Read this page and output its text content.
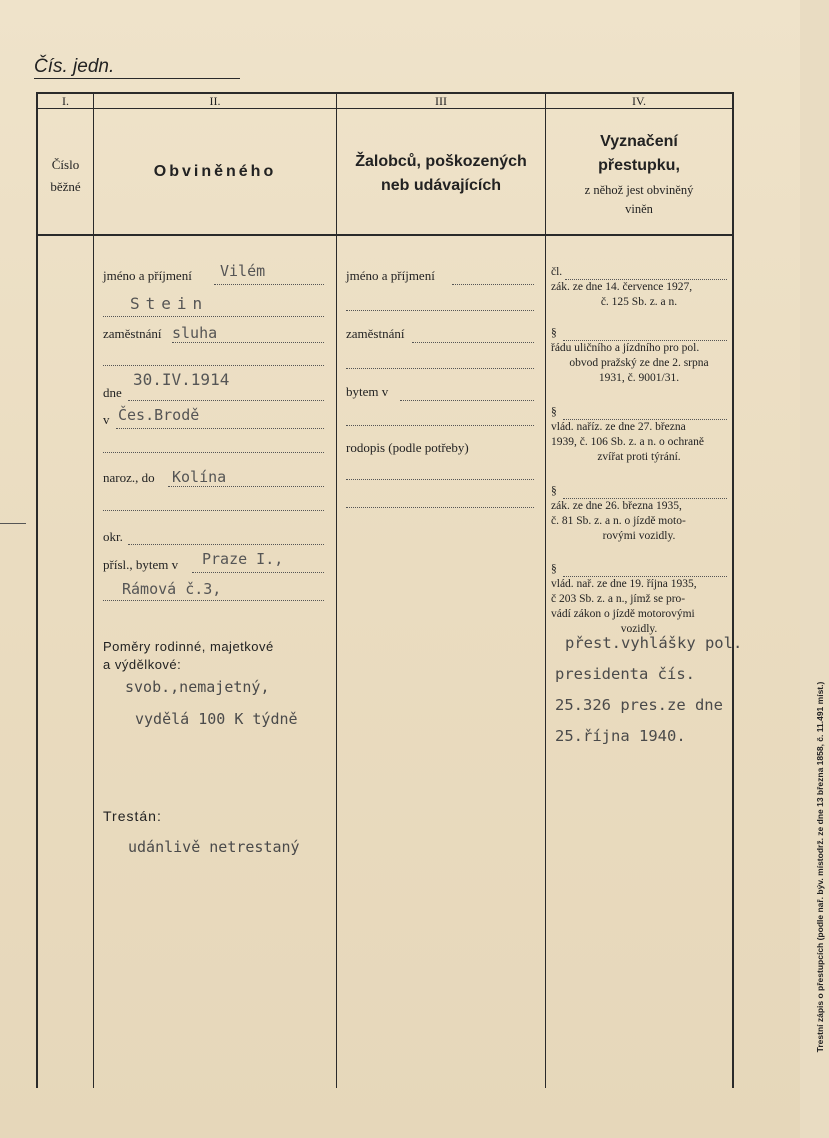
Čís. jedn.
I.	II.	III	IV.
Číslo
běžné
Obviněného
Žalobců, poškozených
neb udávajících
Vyznačení
přestupku,
z něhož jest obviněný
viněn
jméno a příjmení Vilém
Stein
zaměstnání sluha
dne
30.IV.1914
v Čes.Brodě
naroz., do Kolína
okr.
přísl., bytem v Praze I.,
Rámová č.3,
Poměry rodinné, majetkové
a výdělkové:
svob.,nemajetný,
vydělá 100 K týdně
Trestán:
udánlivě netrestaný
jméno a příjmení
zaměstnání
bytem v
rodopis (podle potřeby)
čl.
zák. ze dne 14. července 1927,
č. 125 Sb. z. a n.
§
řádu uličního a jízdního pro pol.
obvod pražský ze dne 2. srpna
1931, č. 9001/31.
§
vlád. naříz. ze dne 27. března
1939, č. 106 Sb. z. a n. o ochraně
zvířat proti týrání.
§
zák. ze dne 26. března 1935,
č. 81 Sb. z. a n. o jízdě moto-
rovými vozidly.
§
vlád. nař. ze dne 19. října 1935,
č 203 Sb. z. a n., jímž se pro-
vádí zákon o jízdě motorovými
vozidly.
přest.vyhlášky pol.
presidenta čís.
25.326 pres.ze dne
25.října 1940.	Trestní zápis o přestupcích (podle nař. býv. místodrž. ze dne 13 března 1858, č. 11.491 míst.)
